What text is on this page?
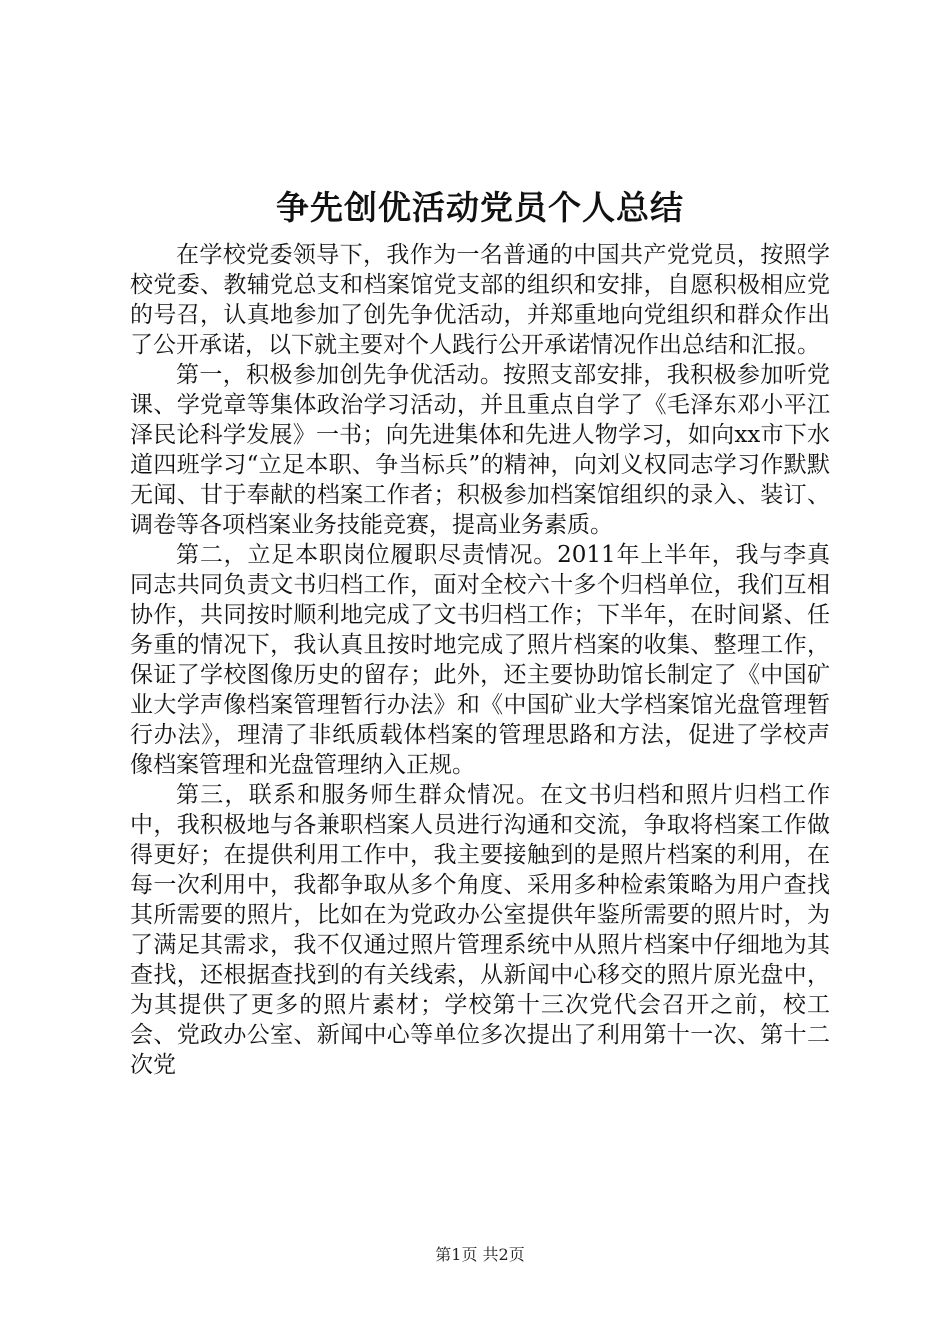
争先创优活动党员个人总结

在学校党委领导下，我作为一名普通的中国共产党党员，按照学校党委、教辅党总支和档案馆党支部的组织和安排，自愿积极相应党的号召，认真地参加了创先争优活动，并郑重地向党组织和群众作出了公开承诺，以下就主要对个人践行公开承诺情况作出总结和汇报。

第一，积极参加创先争优活动。按照支部安排，我积极参加听党课、学党章等集体政治学习活动，并且重点自学了《毛泽东邓小平江泽民论科学发展》一书；向先进集体和先进人物学习，如向xx市下水道四班学习“立足本职、争当标兵”的精神，向刘义权同志学习作默默无闻、甘于奉献的档案工作者；积极参加档案馆组织的录入、装订、调卷等各项档案业务技能竞赛，提高业务素质。

第二，立足本职岗位履职尽责情况。2011年上半年，我与李真同志共同负责文书归档工作，面对全校六十多个归档单位，我们互相协作，共同按时顺利地完成了文书归档工作；下半年，在时间紧、任务重的情况下，我认真且按时地完成了照片档案的收集、整理工作，保证了学校图像历史的留存；此外，还主要协助馆长制定了《中国矿业大学声像档案管理暂行办法》和《中国矿业大学档案馆光盘管理暂行办法》，理清了非纸质载体档案的管理思路和方法，促进了学校声像档案管理和光盘管理纳入正规。

第三，联系和服务师生群众情况。在文书归档和照片归档工作中，我积极地与各兼职档案人员进行沟通和交流，争取将档案工作做得更好；在提供利用工作中，我主要接触到的是照片档案的利用，在每一次利用中，我都争取从多个角度、采用多种检索策略为用户查找其所需要的照片，比如在为党政办公室提供年鉴所需要的照片时，为了满足其需求，我不仅通过照片管理系统中从照片档案中仔细地为其查找，还根据查找到的有关线索，从新闻中心移交的照片原光盘中，为其提供了更多的照片素材；学校第十三次党代会召开之前，校工会、党政办公室、新闻中心等单位多次提出了利用第十一次、第十二次党

第1页 共2页
